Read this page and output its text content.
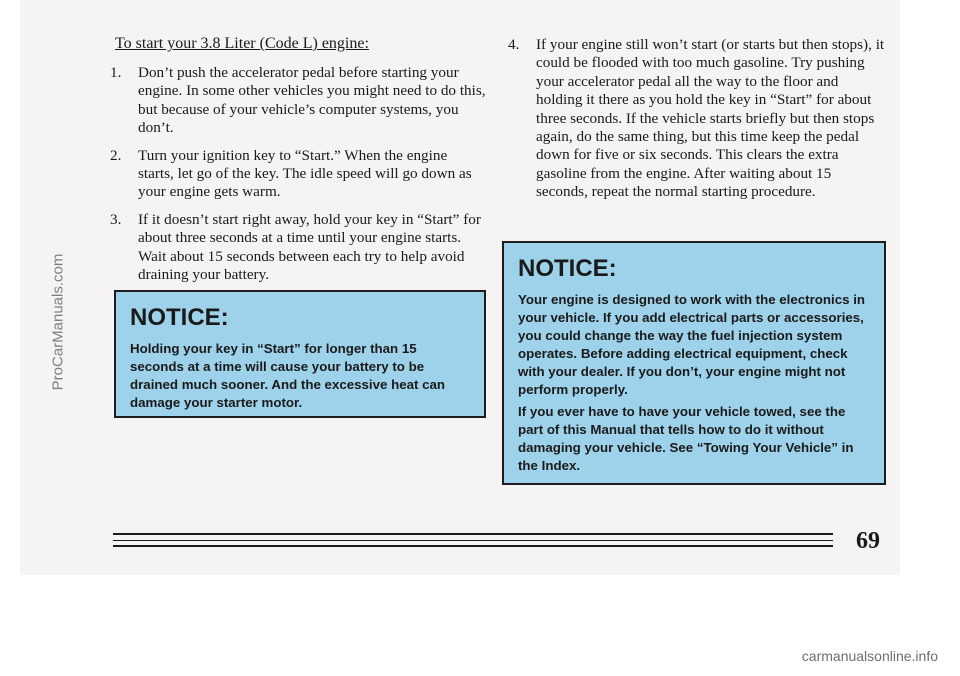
To start your 3.8 Liter (Code L) engine:
1.	Don’t push the accelerator pedal before starting your engine. In some other vehicles you might need to do this, but because of your vehicle’s computer systems, you don’t.
2.	Turn your ignition key to “Start.” When the engine starts, let go of the key. The idle speed will go down as your engine gets warm.
3.	If it doesn’t start right away, hold your key in “Start” for about three seconds at a time until your engine starts. Wait about 15 seconds between each try to help avoid draining your battery.
4.	If your engine still won’t start (or starts but then stops), it could be flooded with too much gasoline. Try pushing your accelerator pedal all the way to the floor and holding it there as you hold the key in “Start” for about three seconds. If the vehicle starts briefly but then stops again, do the same thing, but this time keep the pedal down for five or six seconds. This clears the extra gasoline from the engine. After waiting about 15 seconds, repeat the normal starting procedure.
NOTICE:

Holding your key in “Start” for longer than 15 seconds at a time will cause your battery to be drained much sooner. And the excessive heat can damage your starter motor.

NOTICE:

Your engine is designed to work with the electronics in your vehicle. If you add electrical parts or accessories, you could change the way the fuel injection system operates. Before adding electrical equipment, check with your dealer. If you don’t, your engine might not perform properly.

If you ever have to have your vehicle towed, see the part of this Manual that tells how to do it without damaging your vehicle. See “Towing Your Vehicle” in the Index.

69
ProCarManuals.com
carmanualsonline.info
